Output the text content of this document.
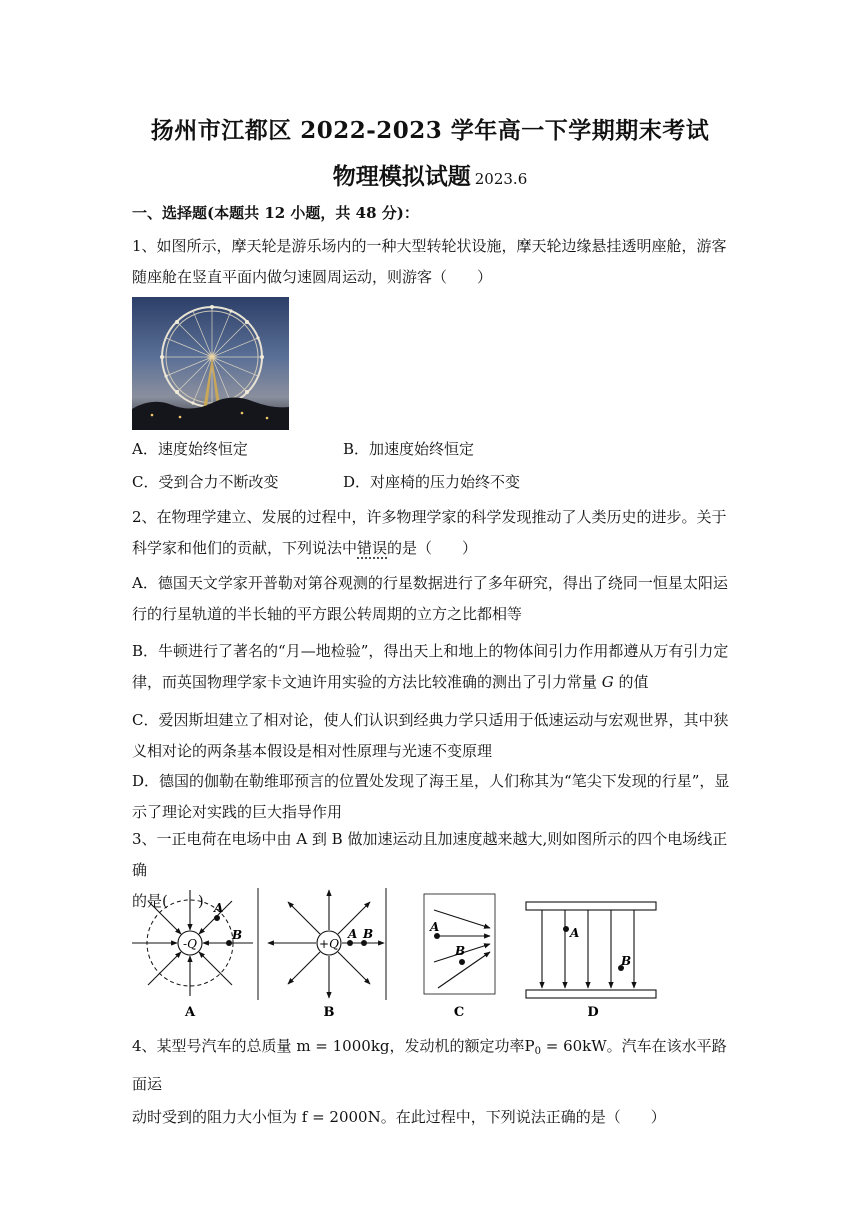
扬州市江都区 2022-2023 学年高一下学期期末考试
物理模拟试题 2023.6
一、选择题(本题共 12 小题，共 48 分)：
1、如图所示，摩天轮是游乐场内的一种大型转轮状设施，摩天轮边缘悬挂透明座舱，游客
随座舱在竖直平面内做匀速圆周运动，则游客（　　）
A．速度始终恒定	B．加速度始终恒定
C．受到合力不断改变	D．对座椅的压力始终不变
2、在物理学建立、发展的过程中，许多物理学家的科学发现推动了人类历史的进步。关于
科学家和他们的贡献，下列说法中错误的是（　　）
A．德国天文学家开普勒对第谷观测的行星数据进行了多年研究，得出了绕同一恒星太阳运
行的行星轨道的半长轴的平方跟公转周期的立方之比都相等
B．牛顿进行了著名的“月—地检验”，得出天上和地上的物体间引力作用都遵从万有引力定
律，而英国物理学家卡文迪许用实验的方法比较准确的测出了引力常量 G 的值
C．爱因斯坦建立了相对论，使人们认识到经典力学只适用于低速运动与宏观世界，其中狭
义相对论的两条基本假设是相对性原理与光速不变原理
D．德国的伽勒在勒维耶预言的位置处发现了海王星，人们称其为“笔尖下发现的行星”，显
示了理论对实践的巨大指导作用
3、一正电荷在电场中由 A 到 B 做加速运动且加速度越来越大,则如图所示的四个电场线正确
的是(　　)
-Q
A
B
A
+Q
A B
B
A
B
C
A
B
D
4、某型号汽车的总质量 m = 1000kg，发动机的额定功率$P_0 = 60kW$。汽车在该水平路面运
动时受到的阻力大小恒为 f = 2000N。在此过程中，下列说法正确的是（　　）
